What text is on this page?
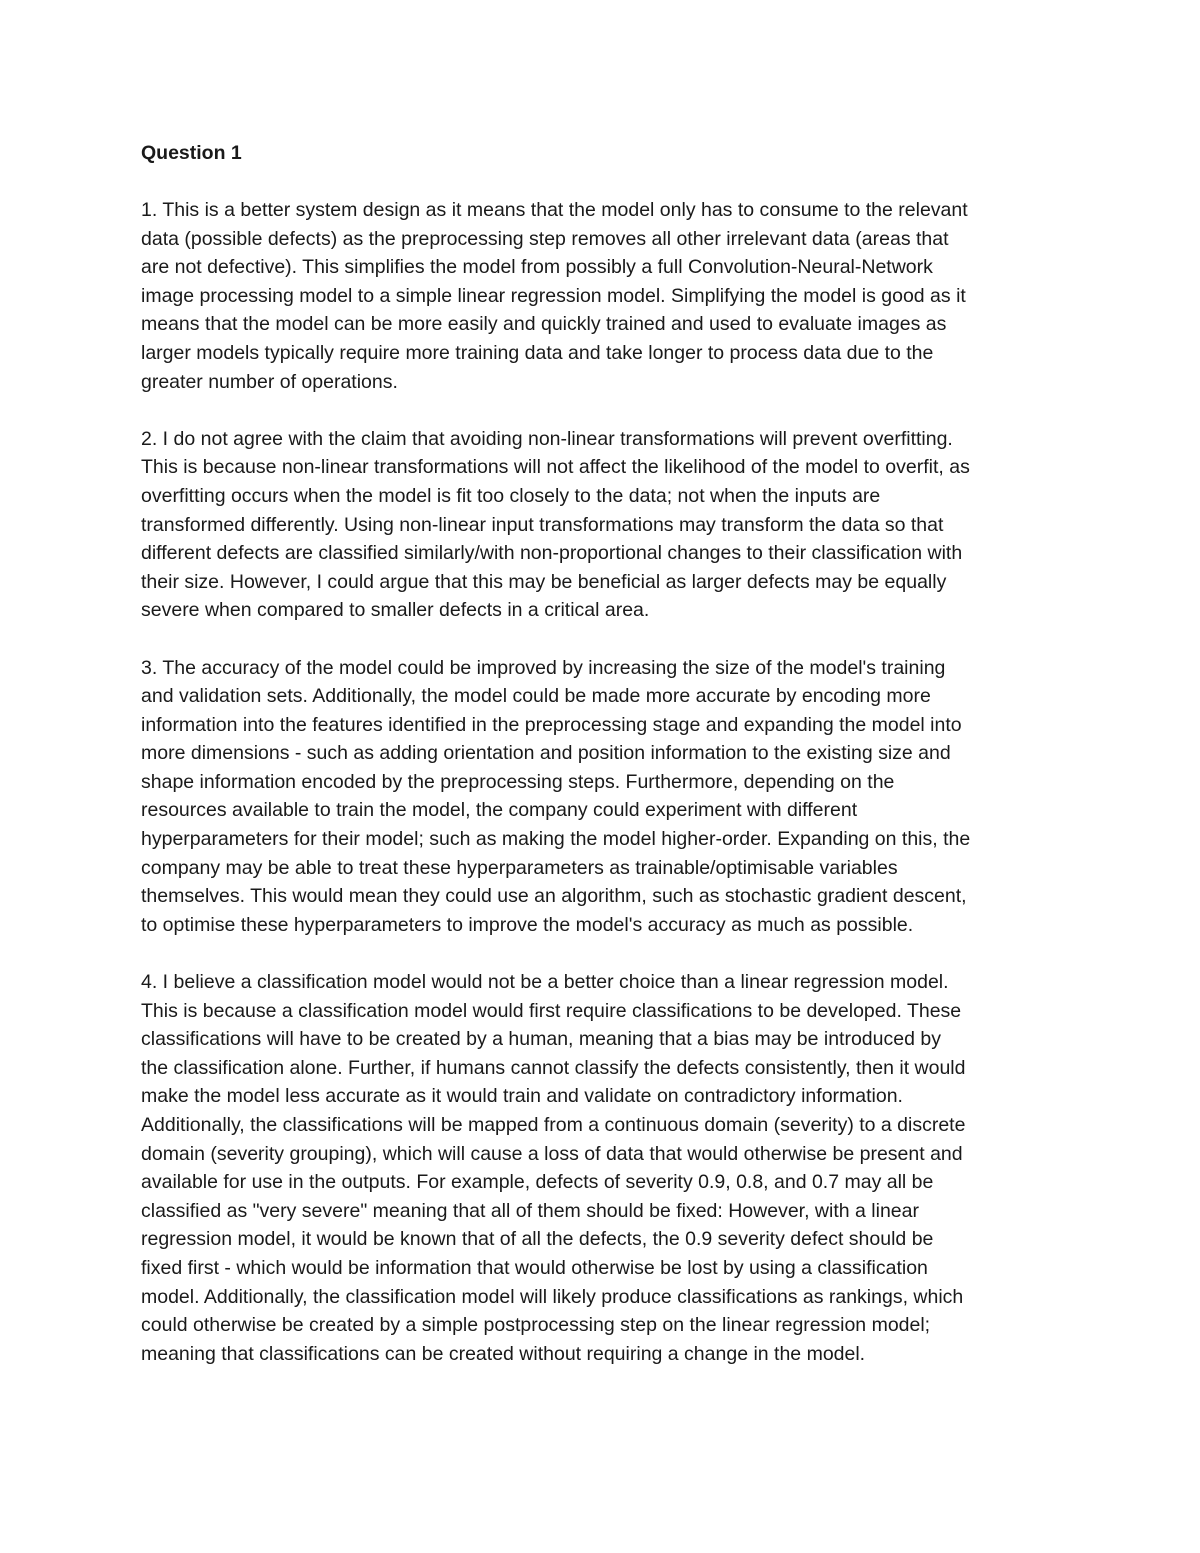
Question 1
1. This is a better system design as it means that the model only has to consume to the relevant
data (possible defects) as the preprocessing step removes all other irrelevant data (areas that
are not defective). This simplifies the model from possibly a full Convolution-Neural-Network
image processing model to a simple linear regression model. Simplifying the model is good as it
means that the model can be more easily and quickly trained and used to evaluate images as
larger models typically require more training data and take longer to process data due to the
greater number of operations.
2. I do not agree with the claim that avoiding non-linear transformations will prevent overfitting.
This is because non-linear transformations will not affect the likelihood of the model to overfit, as
overfitting occurs when the model is fit too closely to the data; not when the inputs are
transformed differently. Using non-linear input transformations may transform the data so that
different defects are classified similarly/with non-proportional changes to their classification with
their size. However, I could argue that this may be beneficial as larger defects may be equally
severe when compared to smaller defects in a critical area.
3. The accuracy of the model could be improved by increasing the size of the model's training
and validation sets. Additionally, the model could be made more accurate by encoding more
information into the features identified in the preprocessing stage and expanding the model into
more dimensions - such as adding orientation and position information to the existing size and
shape information encoded by the preprocessing steps. Furthermore, depending on the
resources available to train the model, the company could experiment with different
hyperparameters for their model; such as making the model higher-order. Expanding on this, the
company may be able to treat these hyperparameters as trainable/optimisable variables
themselves. This would mean they could use an algorithm, such as stochastic gradient descent,
to optimise these hyperparameters to improve the model's accuracy as much as possible.
4. I believe a classification model would not be a better choice than a linear regression model.
This is because a classification model would first require classifications to be developed. These
classifications will have to be created by a human, meaning that a bias may be introduced by
the classification alone. Further, if humans cannot classify the defects consistently, then it would
make the model less accurate as it would train and validate on contradictory information.
Additionally, the classifications will be mapped from a continuous domain (severity) to a discrete
domain (severity grouping), which will cause a loss of data that would otherwise be present and
available for use in the outputs. For example, defects of severity 0.9, 0.8, and 0.7 may all be
classified as "very severe" meaning that all of them should be fixed: However, with a linear
regression model, it would be known that of all the defects, the 0.9 severity defect should be
fixed first - which would be information that would otherwise be lost by using a classification
model. Additionally, the classification model will likely produce classifications as rankings, which
could otherwise be created by a simple postprocessing step on the linear regression model;
meaning that classifications can be created without requiring a change in the model.
